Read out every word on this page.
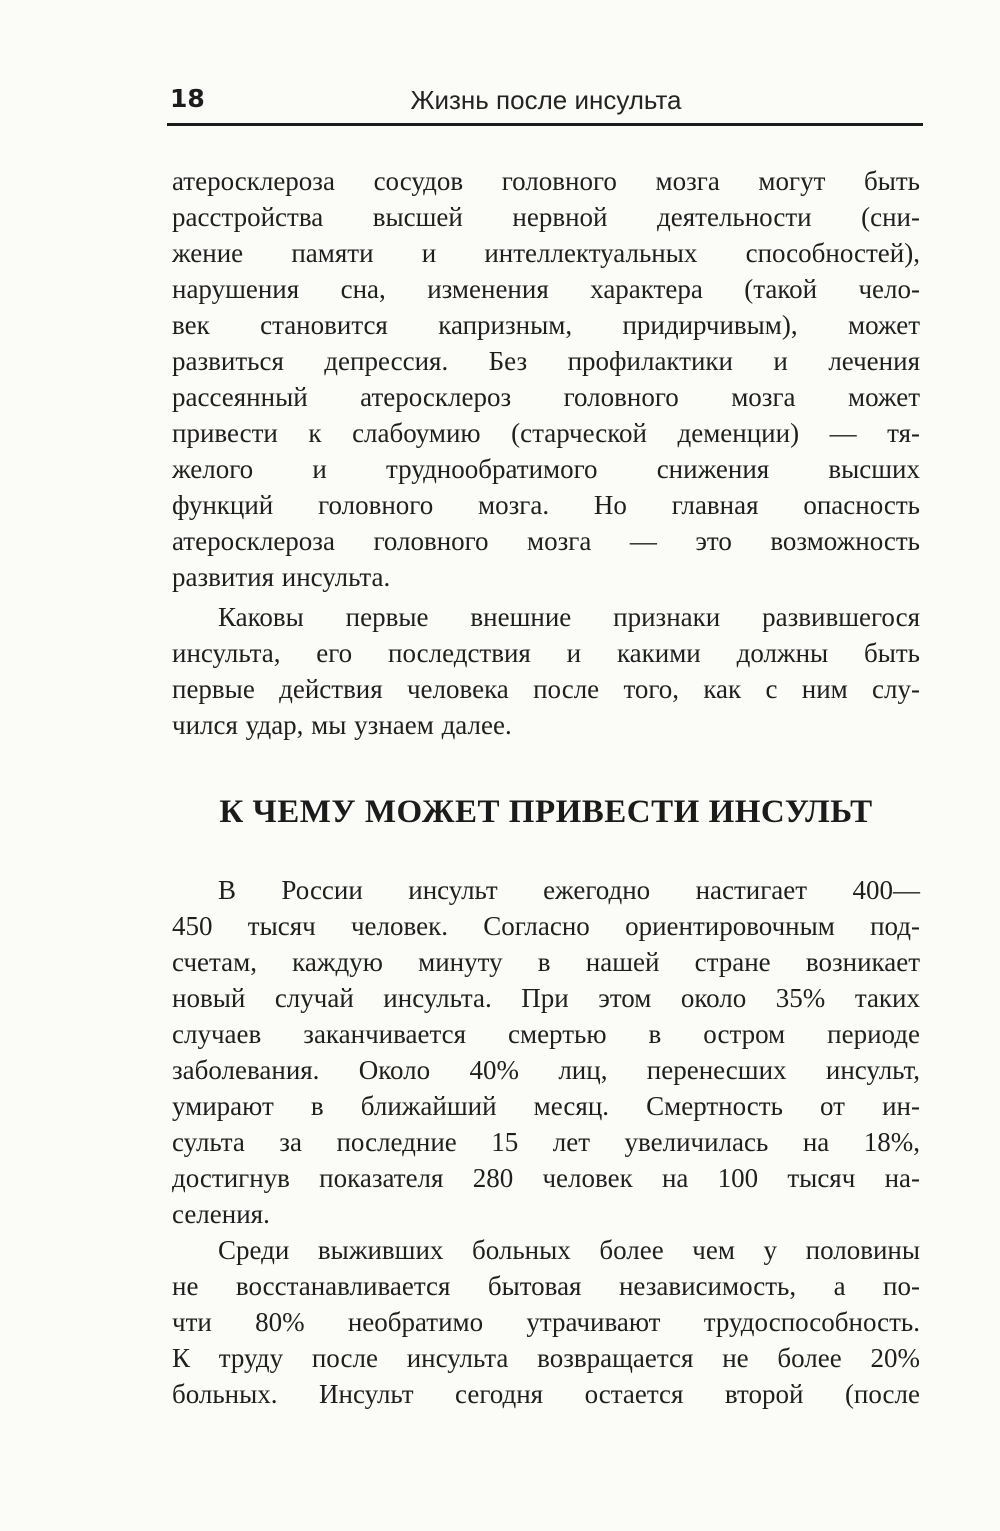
18	Жизнь после инсульта
атеросклероза сосудов головного мозга могут быть
расстройства высшей нервной деятельности (сни-
жение памяти и интеллектуальных способностей),
нарушения сна, изменения характера (такой чело-
век становится капризным, придирчивым), может
развиться депрессия. Без профилактики и лечения
рассеянный атеросклероз головного мозга может
привести к слабоумию (старческой деменции) — тя-
желого и труднообратимого снижения высших
функций головного мозга. Но главная опасность
атеросклероза головного мозга — это возможность
развития инсульта.
Каковы первые внешние признаки развившегося
инсульта, его последствия и какими должны быть
первые действия человека после того, как с ним слу-
чился удар, мы узнаем далее.
К ЧЕМУ МОЖЕТ ПРИВЕСТИ ИНСУЛЬТ
В России инсульт ежегодно настигает 400—
450 тысяч человек. Согласно ориентировочным под-
счетам, каждую минуту в нашей стране возникает
новый случай инсульта. При этом около 35% таких
случаев заканчивается смертью в остром периоде
заболевания. Около 40% лиц, перенесших инсульт,
умирают в ближайший месяц. Смертность от ин-
сульта за последние 15 лет увеличилась на 18%,
достигнув показателя 280 человек на 100 тысяч на-
селения.
Среди выживших больных более чем у половины
не восстанавливается бытовая независимость, а по-
чти 80% необратимо утрачивают трудоспособность.
К труду после инсульта возвращается не более 20%
больных. Инсульт сегодня остается второй (после
